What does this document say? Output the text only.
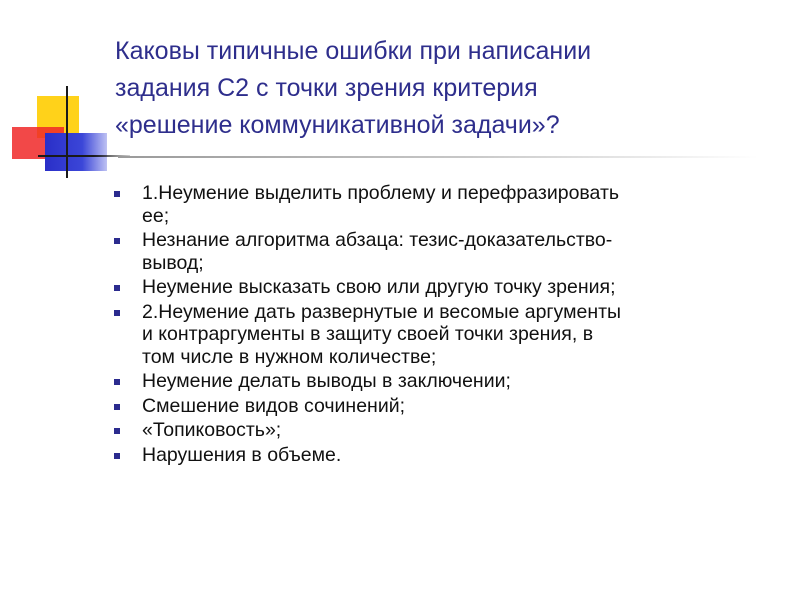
Каковы типичные ошибки при написании
задания С2 с точки зрения критерия
«решение коммуникативной задачи»?
1.Неумение выделить проблему и перефразировать
ее;
Незнание алгоритма абзаца: тезис-доказательство-
вывод;
Неумение высказать свою или другую точку зрения;
2.Неумение дать развернутые и весомые аргументы
и контраргументы в защиту своей точки зрения, в
том числе в нужном количестве;
Неумение делать выводы в заключении;
Смешение видов сочинений;
«Топиковость»;
Нарушения в объеме.
